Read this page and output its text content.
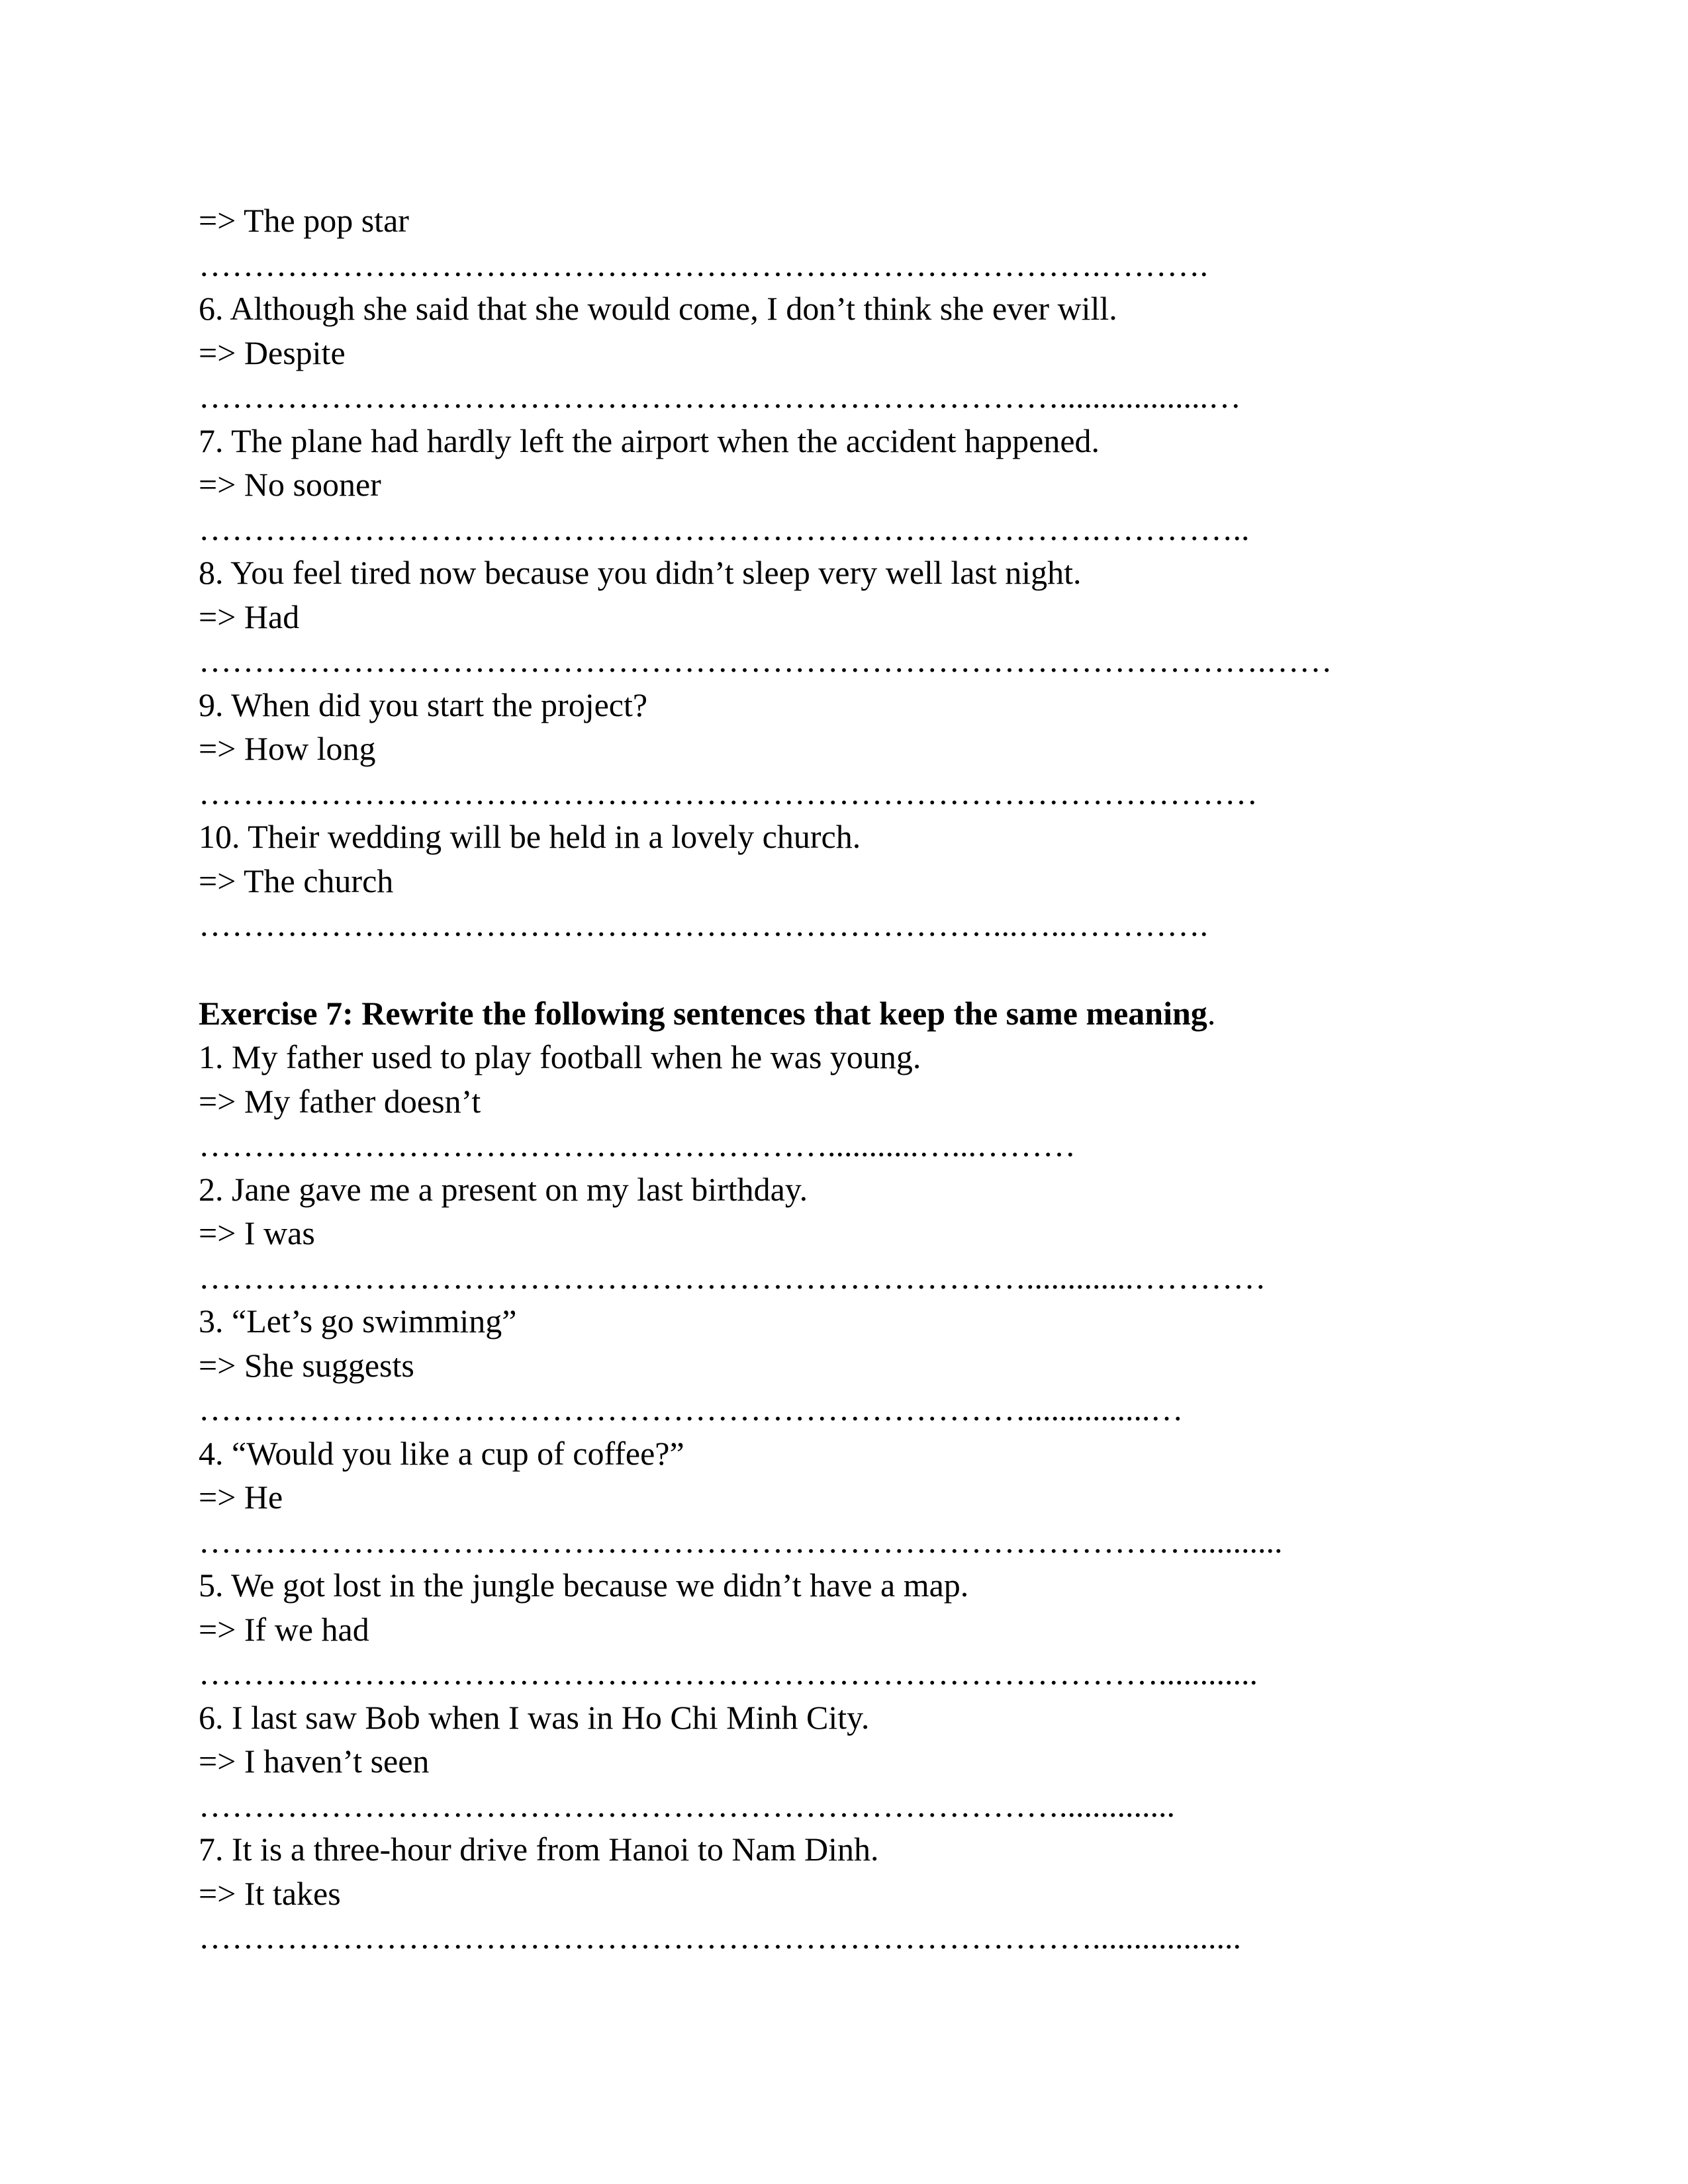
=> The pop star
……………………………………………………………………….……….
6. Although she said that she would come, I don’t think she ever will.
=> Despite
……………………………………………………………………..................…
7. The plane had hardly left the airport when the accident happened.
=> No sooner
……………………………………………………………………….…………..
8. You feel tired now because you didn’t sleep very well last night.
=> Had
…………………………………………………………………………………….……
9. When did you start the project?
=> How long
……………………………………………………………………………………
10. Their wedding will be held in a lovely church.
=> The church
………………………………………………………………...…..………….
Exercise 7: Rewrite the following sentences that keep the same meaning.
1. My father used to play football when he was young.
=> My father doesn’t
…………………………………………………...........…...………
2. Jane gave me a present on my last birthday.
=> I was
………………………………………………………………….............…………
3. “Let’s go swimming”
=> She suggests
…………………………………………………………………...............…
4. “Would you like a cup of coffee?”
=> He
………………………………………………………………………………...........
5. We got lost in the jungle because we didn’t have a map.
=> If we had
……………………………………………………………………………............
6. I last saw Bob when I was in Ho Chi Minh City.
=> I haven’t seen
……………………………………………………………………..............
7. It is a three-hour drive from Hanoi to Nam Dinh.
=> It takes
………………………………………………………………………..................
